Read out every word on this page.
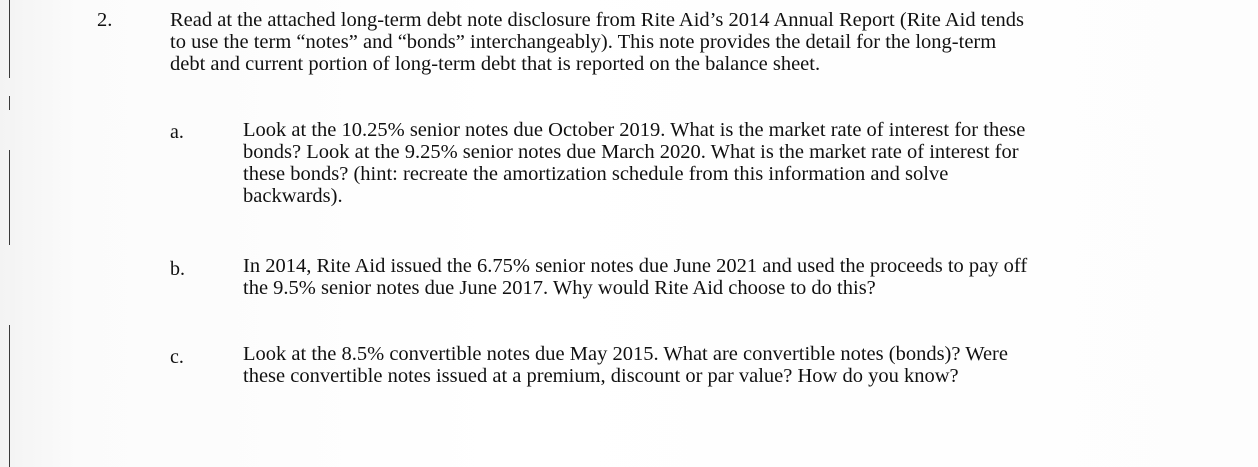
2.	Read at the attached long-term debt note disclosure from Rite Aid’s 2014 Annual Report (Rite Aid tends
to use the term “notes” and “bonds” interchangeably). This note provides the detail for the long-term
debt and current portion of long-term debt that is reported on the balance sheet.
a.	Look at the 10.25% senior notes due October 2019. What is the market rate of interest for these
bonds? Look at the 9.25% senior notes due March 2020. What is the market rate of interest for
these bonds? (hint: recreate the amortization schedule from this information and solve
backwards).
b.	In 2014, Rite Aid issued the 6.75% senior notes due June 2021 and used the proceeds to pay off
the 9.5% senior notes due June 2017. Why would Rite Aid choose to do this?
c.	Look at the 8.5% convertible notes due May 2015. What are convertible notes (bonds)? Were
these convertible notes issued at a premium, discount or par value? How do you know?
